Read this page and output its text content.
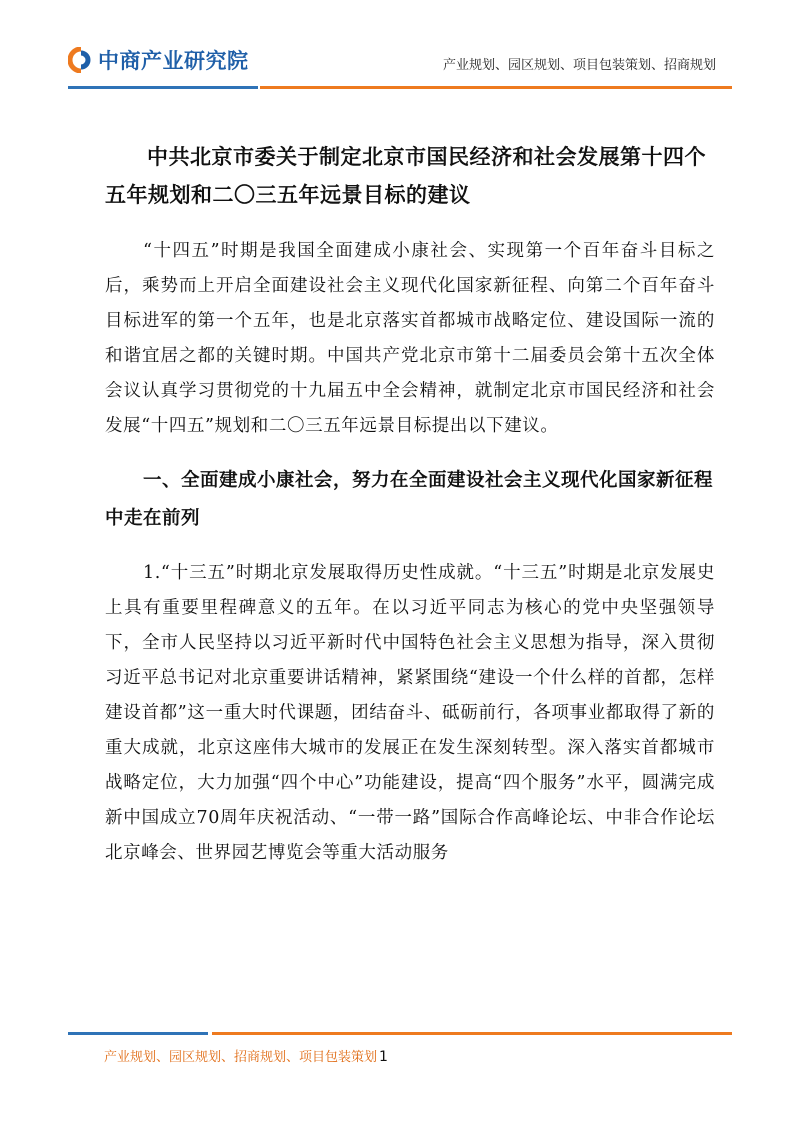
中商产业研究院	产业规划、园区规划、项目包装策划、招商规划

中共北京市委关于制定北京市国民经济和社会发展第十四个五年规划和二〇三五年远景目标的建议

“十四五”时期是我国全面建成小康社会、实现第一个百年奋斗目标之后，乘势而上开启全面建设社会主义现代化国家新征程、向第二个百年奋斗目标进军的第一个五年，也是北京落实首都城市战略定位、建设国际一流的和谐宜居之都的关键时期。中国共产党北京市第十二届委员会第十五次全体会议认真学习贯彻党的十九届五中全会精神，就制定北京市国民经济和社会发展“十四五”规划和二〇三五年远景目标提出以下建议。

一、全面建成小康社会，努力在全面建设社会主义现代化国家新征程中走在前列

1.“十三五”时期北京发展取得历史性成就。“十三五”时期是北京发展史上具有重要里程碑意义的五年。在以习近平同志为核心的党中央坚强领导下，全市人民坚持以习近平新时代中国特色社会主义思想为指导，深入贯彻习近平总书记对北京重要讲话精神，紧紧围绕“建设一个什么样的首都，怎样建设首都”这一重大时代课题，团结奋斗、砥砺前行，各项事业都取得了新的重大成就，北京这座伟大城市的发展正在发生深刻转型。深入落实首都城市战略定位，大力加强“四个中心”功能建设，提高“四个服务”水平，圆满完成新中国成立70周年庆祝活动、“一带一路”国际合作高峰论坛、中非合作论坛北京峰会、世界园艺博览会等重大活动服务

产业规划、园区规划、招商规划、项目包装策划 1
